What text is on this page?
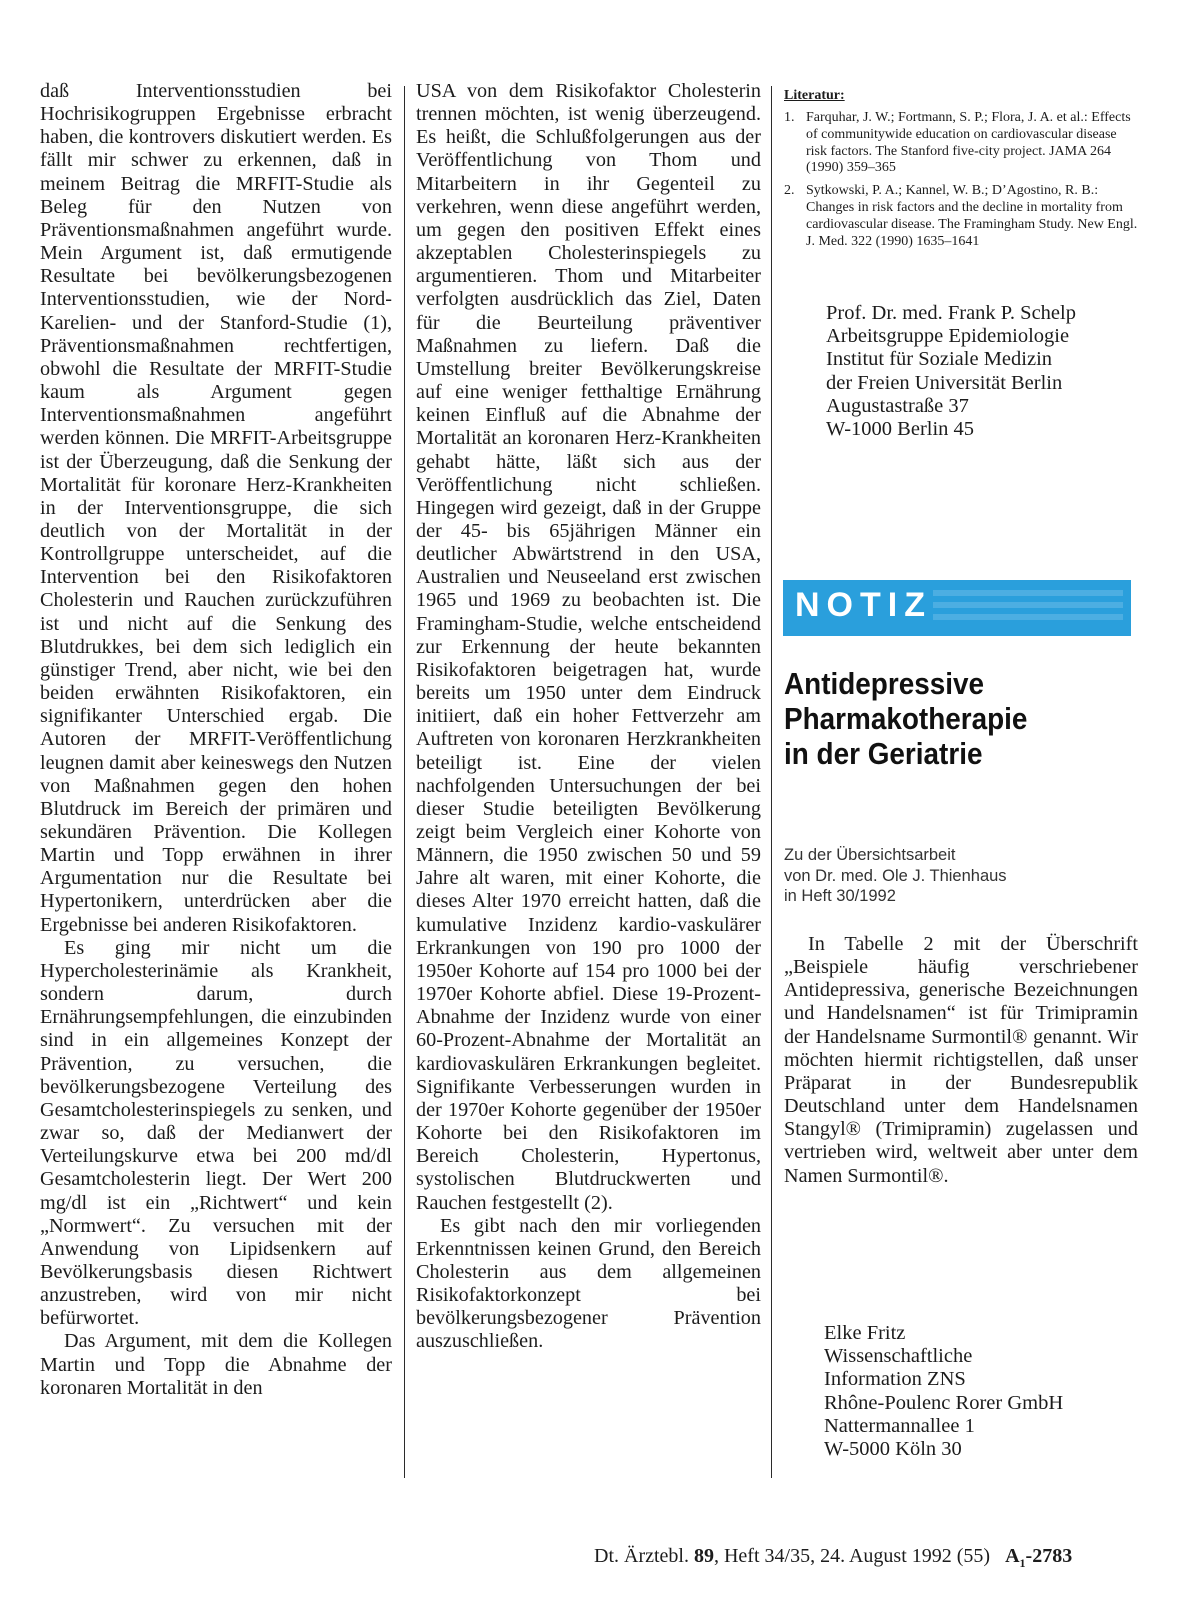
daß Interventionsstudien bei Hochrisikogruppen Ergebnisse erbracht haben, die kontrovers diskutiert werden. Es fällt mir schwer zu erkennen, daß in meinem Beitrag die MRFIT-Studie als Beleg für den Nutzen von Präventionsmaßnahmen angeführt wurde. Mein Argument ist, daß ermutigende Resultate bei bevölkerungsbezogenen Interventionsstudien, wie der Nord-Karelien- und der Stanford-Studie (1), Präventionsmaßnahmen rechtfertigen, obwohl die Resultate der MRFIT-Studie kaum als Argument gegen Interventionsmaßnahmen angeführt werden können. Die MRFIT-Arbeitsgruppe ist der Überzeugung, daß die Senkung der Mortalität für koronare Herz-Krankheiten in der Interventionsgruppe, die sich deutlich von der Mortalität in der Kontrollgruppe unterscheidet, auf die Intervention bei den Risikofaktoren Cholesterin und Rauchen zurückzuführen ist und nicht auf die Senkung des Blutdrukkes, bei dem sich lediglich ein günstiger Trend, aber nicht, wie bei den beiden erwähnten Risikofaktoren, ein signifikanter Unterschied ergab. Die Autoren der MRFIT-Veröffentlichung leugnen damit aber keineswegs den Nutzen von Maßnahmen gegen den hohen Blutdruck im Bereich der primären und sekundären Prävention. Die Kollegen Martin und Topp erwähnen in ihrer Argumentation nur die Resultate bei Hypertonikern, unterdrücken aber die Ergebnisse bei anderen Risikofaktoren.

Es ging mir nicht um die Hypercholesterinämie als Krankheit, sondern darum, durch Ernährungsempfehlungen, die einzubinden sind in ein allgemeines Konzept der Prävention, zu versuchen, die bevölkerungsbezogene Verteilung des Gesamtcholesterinspiegels zu senken, und zwar so, daß der Medianwert der Verteilungskurve etwa bei 200 md/dl Gesamtcholesterin liegt. Der Wert 200 mg/dl ist ein „Richtwert“ und kein „Normwert“. Zu versuchen mit der Anwendung von Lipidsenkern auf Bevölkerungsbasis diesen Richtwert anzustreben, wird von mir nicht befürwortet.

Das Argument, mit dem die Kollegen Martin und Topp die Abnahme der koronaren Mortalität in den

USA von dem Risikofaktor Cholesterin trennen möchten, ist wenig überzeugend. Es heißt, die Schlußfolgerungen aus der Veröffentlichung von Thom und Mitarbeitern in ihr Gegenteil zu verkehren, wenn diese angeführt werden, um gegen den positiven Effekt eines akzeptablen Cholesterinspiegels zu argumentieren. Thom und Mitarbeiter verfolgten ausdrücklich das Ziel, Daten für die Beurteilung präventiver Maßnahmen zu liefern. Daß die Umstellung breiter Bevölkerungskreise auf eine weniger fetthaltige Ernährung keinen Einfluß auf die Abnahme der Mortalität an koronaren Herz-Krankheiten gehabt hätte, läßt sich aus der Veröffentlichung nicht schließen. Hingegen wird gezeigt, daß in der Gruppe der 45- bis 65jährigen Männer ein deutlicher Abwärtstrend in den USA, Australien und Neuseeland erst zwischen 1965 und 1969 zu beobachten ist. Die Framingham-Studie, welche entscheidend zur Erkennung der heute bekannten Risikofaktoren beigetragen hat, wurde bereits um 1950 unter dem Eindruck initiiert, daß ein hoher Fettverzehr am Auftreten von koronaren Herzkrankheiten beteiligt ist. Eine der vielen nachfolgenden Untersuchungen der bei dieser Studie beteiligten Bevölkerung zeigt beim Vergleich einer Kohorte von Männern, die 1950 zwischen 50 und 59 Jahre alt waren, mit einer Kohorte, die dieses Alter 1970 erreicht hatten, daß die kumulative Inzidenz kardio-vaskulärer Erkrankungen von 190 pro 1000 der 1950er Kohorte auf 154 pro 1000 bei der 1970er Kohorte abfiel. Diese 19-Prozent-Abnahme der Inzidenz wurde von einer 60-Prozent-Abnahme der Mortalität an kardiovaskulären Erkrankungen begleitet. Signifikante Verbesserungen wurden in der 1970er Kohorte gegenüber der 1950er Kohorte bei den Risikofaktoren im Bereich Cholesterin, Hypertonus, systolischen Blutdruckwerten und Rauchen festgestellt (2).

Es gibt nach den mir vorliegenden Erkenntnissen keinen Grund, den Bereich Cholesterin aus dem allgemeinen Risikofaktorkonzept bei bevölkerungsbezogener Prävention auszuschließen.

Literatur:

1. Farquhar, J. W.; Fortmann, S. P.; Flora, J. A. et al.: Effects of communitywide education on cardiovascular disease risk factors. The Stanford five-city project. JAMA 264 (1990) 359–365
2. Sytkowski, P. A.; Kannel, W. B.; D’Agostino, R. B.: Changes in risk factors and the decline in mortality from cardiovascular disease. The Framingham Study. New Engl. J. Med. 322 (1990) 1635–1641
Prof. Dr. med. Frank P. Schelp
Arbeitsgruppe Epidemiologie
Institut für Soziale Medizin
der Freien Universität Berlin
Augustastraße 37
W-1000 Berlin 45
NOTIZ
Antidepressive
Pharmakotherapie
in der Geriatrie
Zu der Übersichtsarbeit
von Dr. med. Ole J. Thienhaus
in Heft 30/1992

In Tabelle 2 mit der Überschrift „Beispiele häufig verschriebener Antidepressiva, generische Bezeichnungen und Handelsnamen“ ist für Trimipramin der Handelsname Surmontil® genannt. Wir möchten hiermit richtigstellen, daß unser Präparat in der Bundesrepublik Deutschland unter dem Handelsnamen Stangyl® (Trimipramin) zugelassen und vertrieben wird, weltweit aber unter dem Namen Surmontil®.

Elke Fritz
Wissenschaftliche
Information ZNS
Rhône-Poulenc Rorer GmbH
Nattermannallee 1
W-5000 Köln 30
Dt. Ärztebl. 89, Heft 34/35, 24. August 1992 (55) $A_1-2783$
